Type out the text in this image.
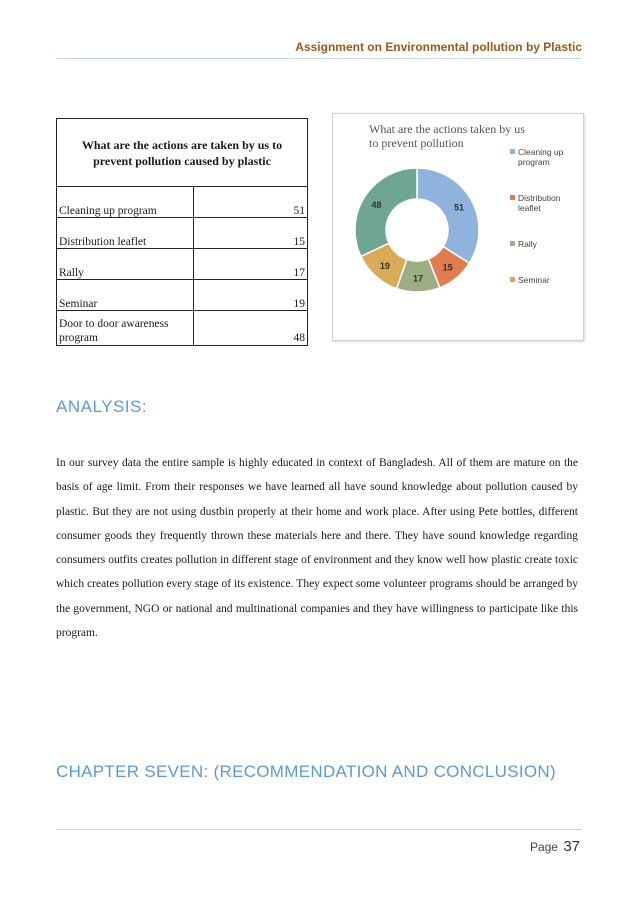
Assignment on Environmental pollution by Plastic
What are the actions are taken by us to prevent pollution caused by plastic	
Cleaning up program	51
Distribution leaflet	15
Rally	17
Seminar	19
Door to door awareness program	48
What are the actions taken by us to prevent pollution
51
15
17
19
48
Cleaning up program
Distribution leaflet
Rally
Seminar
ANALYSIS:

In our survey data the entire sample is highly educated in context of Bangladesh. All of them are mature on the basis of age limit. From their responses we have learned all have sound knowledge about pollution caused by plastic. But they are not using dustbin properly at their home and work place. After using Pete bottles, different consumer goods they frequently thrown these materials here and there. They have sound knowledge regarding consumers outfits creates pollution in different stage of environment and they know well how plastic create toxic which creates pollution every stage of its existence. They expect some volunteer programs should be arranged by the government, NGO or national and multinational companies and they have willingness to participate like this program.

CHAPTER SEVEN: (RECOMMENDATION AND CONCLUSION)
Page 37
